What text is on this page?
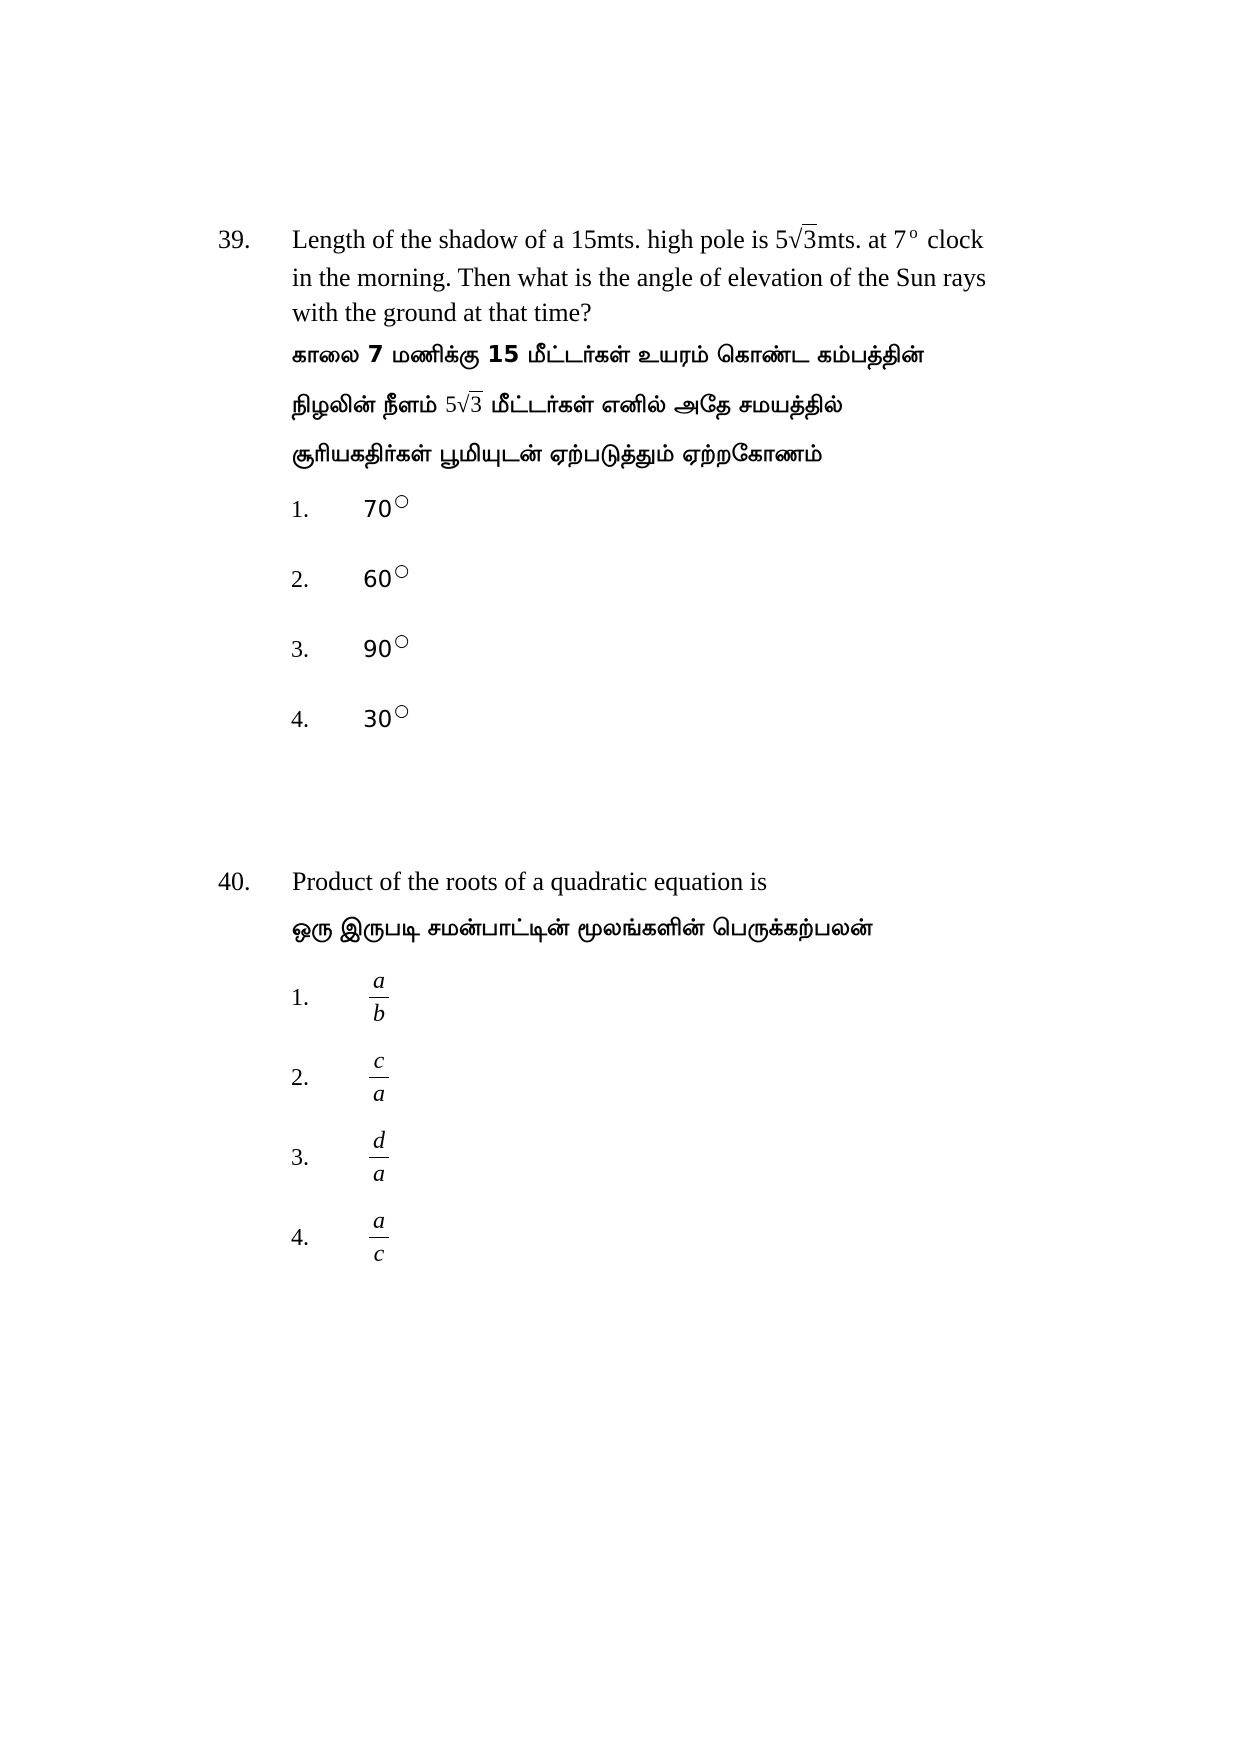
39. Length of the shadow of a 15mts. high pole is 5√3mts. at 7 $^o$ clock
in the morning. Then what is the angle of elevation of the Sun rays
with the ground at that time?
காலை 7 மணிக்கு 15 மீட்டர்கள் உயரம் கொண்ட கம்பத்தின்
நிழலின் நீளம் 5√3 மீட்டர்கள் எனில் அதே சமயத்தில்
சூரியகதிர்கள் பூமியுடன் ஏற்படுத்தும் ஏற்றகோணம்
1. 70 ○
2. 60 ○
3. 90 ○
4. 30 ○
40. Product of the roots of a quadratic equation is
ஒரு இருபடி சமன்பாட்டின் மூலங்களின் பெருக்கற்பலன்
1.
a
b
2.
c
a
3.
d
a
4.
a
c
